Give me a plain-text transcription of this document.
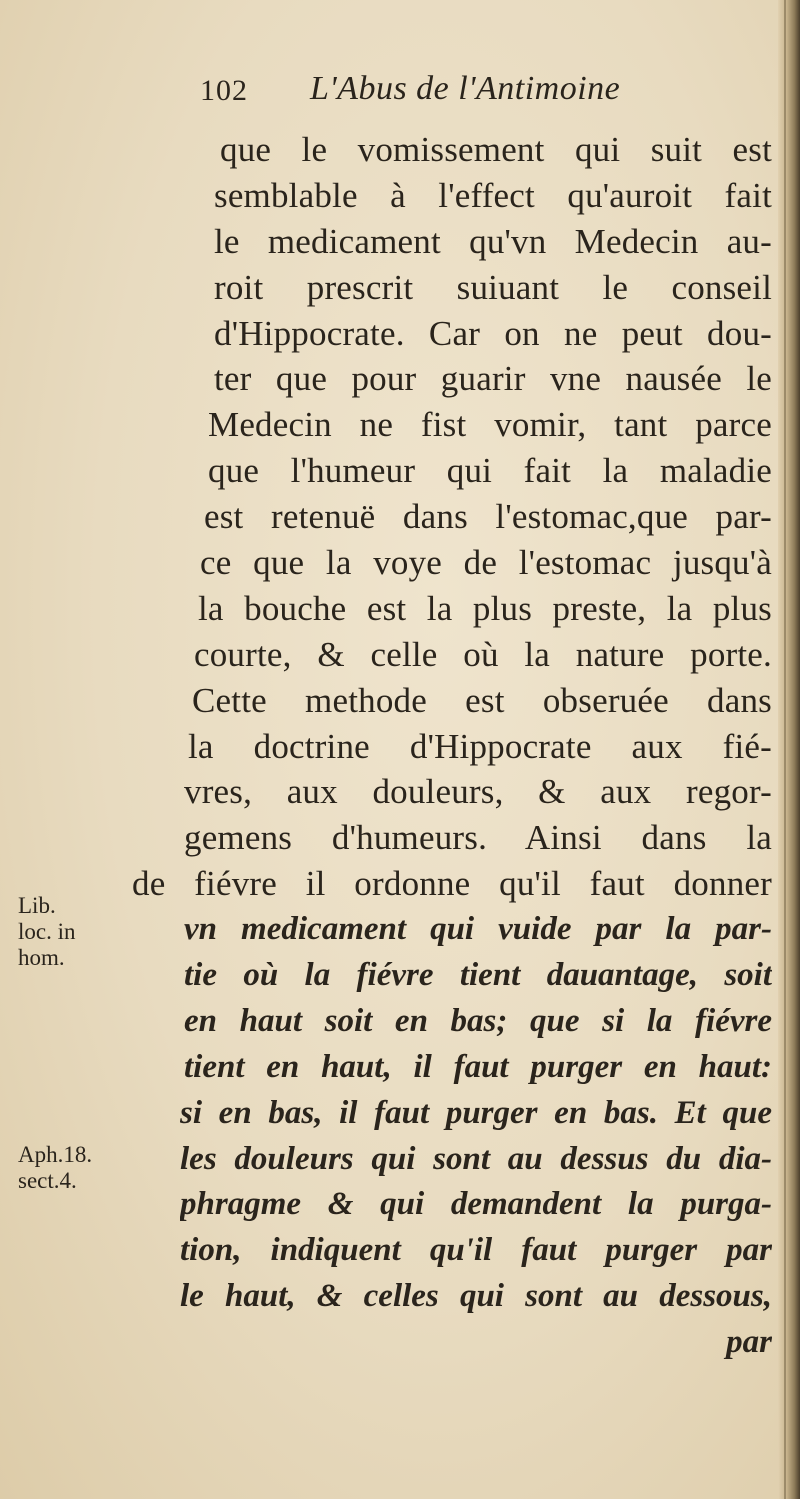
102 L'Abus de l'Antimoine
que le vomissement qui suit est
semblable à l'effect qu'auroit fait
le medicament qu'vn Medecin au-
roit prescrit suiuant le conseil
d'Hippocrate. Car on ne peut dou-
ter que pour guarir vne nausée le
Medecin ne fist vomir, tant parce
que l'humeur qui fait la maladie
est retenuë dans l'estomac,que par-
ce que la voye de l'estomac jusqu'à
la bouche est la plus preste, la plus
courte, & celle où la nature porte.
Cette methode est obseruée dans
la doctrine d'Hippocrate aux fié-
vres, aux douleurs, & aux regor-
gemens d'humeurs. Ainsi dans la
de fiévre il ordonne qu'il faut donner
vn medicament qui vuide par la par-
tie où la fiévre tient dauantage, soit
en haut soit en bas; que si la fiévre
tient en haut, il faut purger en haut:
si en bas, il faut purger en bas. Et que
les douleurs qui sont au dessus du dia-
phragme & qui demandent la purga-
tion, indiquent qu'il faut purger par
le haut, & celles qui sont au dessous,
par
Lib.
loc. in
hom.
Aph.18.
sect.4.
